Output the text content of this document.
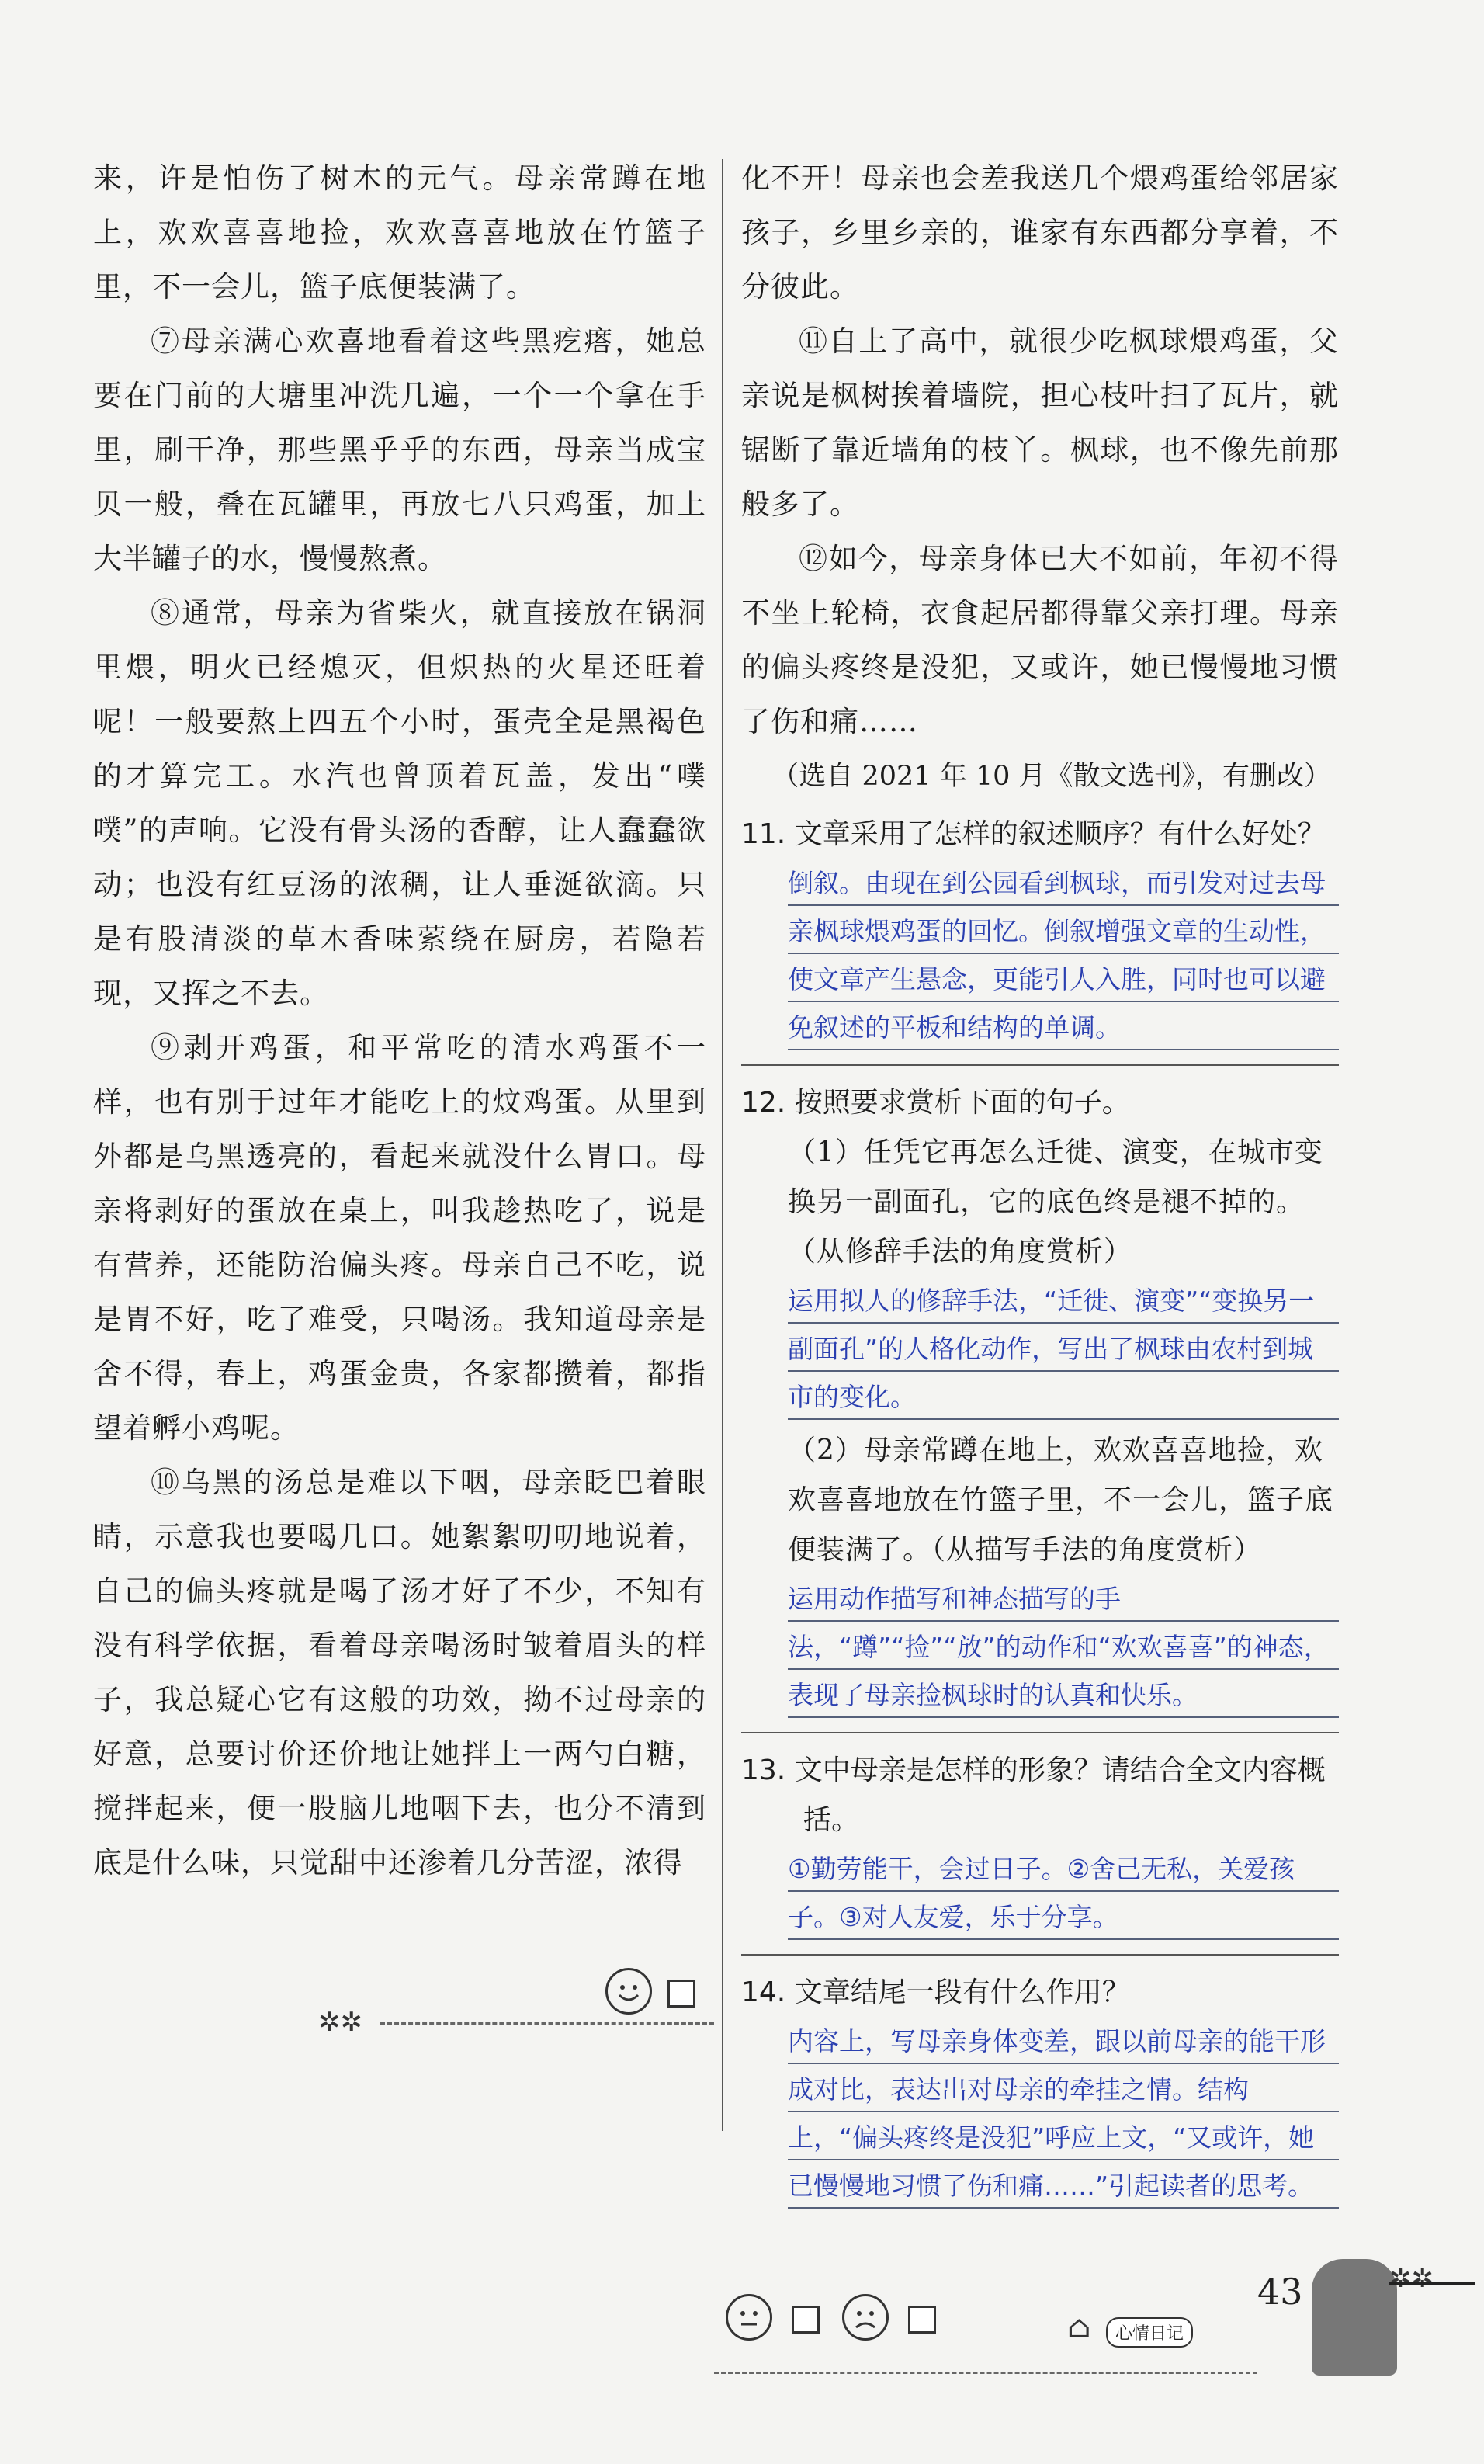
来，许是怕伤了树木的元气。母亲常蹲在地上，欢欢喜喜地捡，欢欢喜喜地放在竹篮子里，不一会儿，篮子底便装满了。

⑦母亲满心欢喜地看着这些黑疙瘩，她总要在门前的大塘里冲洗几遍，一个一个拿在手里，刷干净，那些黑乎乎的东西，母亲当成宝贝一般，叠在瓦罐里，再放七八只鸡蛋，加上大半罐子的水，慢慢熬煮。

⑧通常，母亲为省柴火，就直接放在锅洞里煨，明火已经熄灭，但炽热的火星还旺着呢！一般要熬上四五个小时，蛋壳全是黑褐色的才算完工。水汽也曾顶着瓦盖，发出“噗噗”的声响。它没有骨头汤的香醇，让人蠢蠢欲动；也没有红豆汤的浓稠，让人垂涎欲滴。只是有股清淡的草木香味萦绕在厨房，若隐若现，又挥之不去。

⑨剥开鸡蛋，和平常吃的清水鸡蛋不一样，也有别于过年才能吃上的炆鸡蛋。从里到外都是乌黑透亮的，看起来就没什么胃口。母亲将剥好的蛋放在桌上，叫我趁热吃了，说是有营养，还能防治偏头疼。母亲自己不吃，说是胃不好，吃了难受，只喝汤。我知道母亲是舍不得，春上，鸡蛋金贵，各家都攒着，都指望着孵小鸡呢。

⑩乌黑的汤总是难以下咽，母亲眨巴着眼睛，示意我也要喝几口。她絮絮叨叨地说着，自己的偏头疼就是喝了汤才好了不少，不知有没有科学依据，看着母亲喝汤时皱着眉头的样子，我总疑心它有这般的功效，拗不过母亲的好意，总要讨价还价地让她拌上一两勺白糖，搅拌起来，便一股脑儿地咽下去，也分不清到底是什么味，只觉甜中还渗着几分苦涩，浓得

化不开！母亲也会差我送几个煨鸡蛋给邻居家孩子，乡里乡亲的，谁家有东西都分享着，不分彼此。

⑪自上了高中，就很少吃枫球煨鸡蛋，父亲说是枫树挨着墙院，担心枝叶扫了瓦片，就锯断了靠近墙角的枝丫。枫球，也不像先前那般多了。

⑫如今，母亲身体已大不如前，年初不得不坐上轮椅，衣食起居都得靠父亲打理。母亲的偏头疼终是没犯，又或许，她已慢慢地习惯了伤和痛……

（选自 2021 年 10 月《散文选刊》，有删改）

11. 文章采用了怎样的叙述顺序？有什么好处？

倒叙。由现在到公园看到枫球，而引发对过去母亲枫球煨鸡蛋的回忆。倒叙增强文章的生动性，使文章产生悬念，更能引人入胜，同时也可以避免叙述的平板和结构的单调。

12. 按照要求赏析下面的句子。

（1）任凭它再怎么迁徙、演变，在城市变换另一副面孔，它的底色终是褪不掉的。（从修辞手法的角度赏析）

运用拟人的修辞手法，“迁徙、演变”“变换另一副面孔”的人格化动作，写出了枫球由农村到城市的变化。

（2）母亲常蹲在地上，欢欢喜喜地捡，欢欢喜喜地放在竹篮子里，不一会儿，篮子底便装满了。（从描写手法的角度赏析）

运用动作描写和神态描写的手法，“蹲”“捡”“放”的动作和“欢欢喜喜”的神态，表现了母亲捡枫球时的认真和快乐。

13. 文中母亲是怎样的形象？请结合全文内容概括。

①勤劳能干，会过日子。②舍己无私，关爱孩子。③对人友爱，乐于分享。

14. 文章结尾一段有什么作用？

内容上，写母亲身体变差，跟以前母亲的能干形成对比，表达出对母亲的牵挂之情。结构上，“偏头疼终是没犯”呼应上文，“又或许，她已慢慢地习惯了伤和痛……”引起读者的思考。

✲✲
⌂	心情日记
43	✲✲
